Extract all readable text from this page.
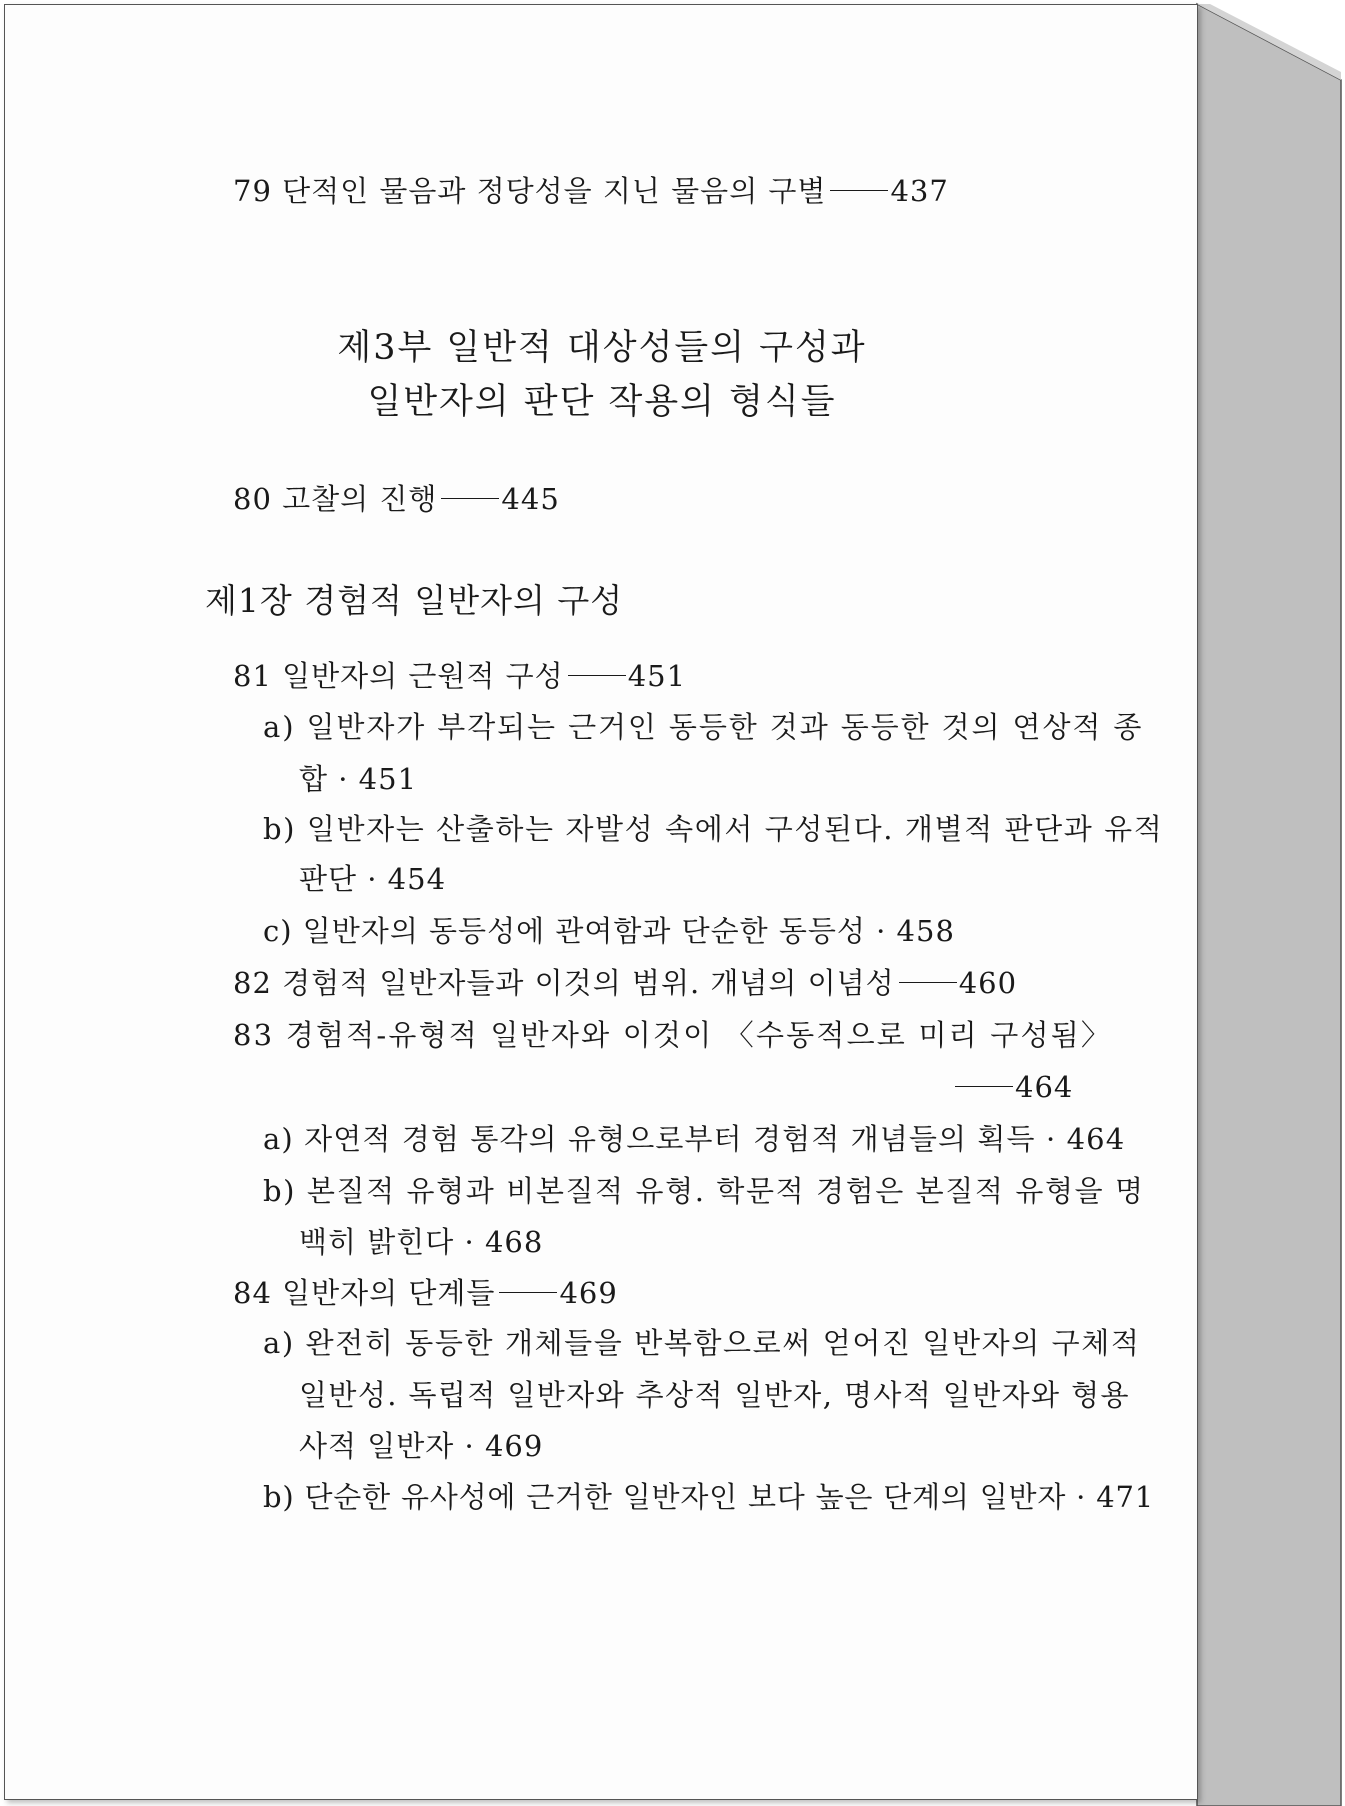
79 단적인 물음과 정당성을 지닌 물음의 구별 437
제3부 일반적 대상성들의 구성과
일반자의 판단 작용의 형식들
80 고찰의 진행 445
제1장 경험적 일반자의 구성
81 일반자의 근원적 구성 451
a) 일반자가 부각되는 근거인 동등한 것과 동등한 것의 연상적 종
합 · 451
b) 일반자는 산출하는 자발성 속에서 구성된다. 개별적 판단과 유적
판단 · 454
c) 일반자의 동등성에 관여함과 단순한 동등성 · 458
82 경험적 일반자들과 이것의 범위. 개념의 이념성 460
83 경험적-유형적 일반자와 이것이 〈수동적으로 미리 구성됨〉
464
a) 자연적 경험 통각의 유형으로부터 경험적 개념들의 획득 · 464
b) 본질적 유형과 비본질적 유형. 학문적 경험은 본질적 유형을 명
백히 밝힌다 · 468
84 일반자의 단계들 469
a) 완전히 동등한 개체들을 반복함으로써 얻어진 일반자의 구체적
일반성. 독립적 일반자와 추상적 일반자, 명사적 일반자와 형용
사적 일반자 · 469
b) 단순한 유사성에 근거한 일반자인 보다 높은 단계의 일반자 · 471
